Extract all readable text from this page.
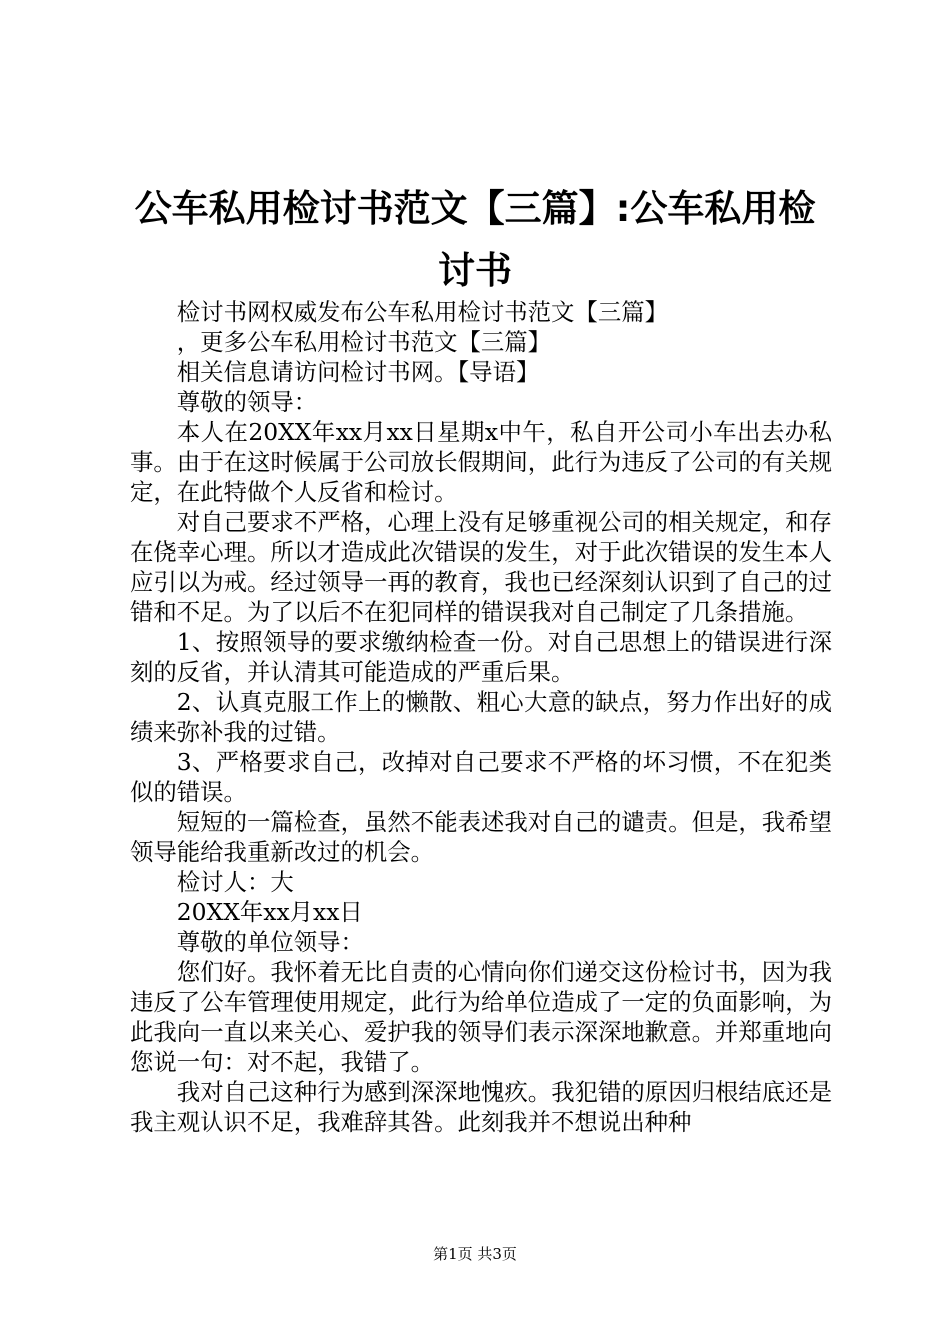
公车私用检讨书范文【三篇】:公车私用检讨书

检讨书网权威发布公车私用检讨书范文【三篇】

，更多公车私用检讨书范文【三篇】

相关信息请访问检讨书网。【导语】

尊敬的领导：

本人在20XX年xx月xx日星期x中午，私自开公司小车出去办私事。由于在这时候属于公司放长假期间，此行为违反了公司的有关规定，在此特做个人反省和检讨。

对自己要求不严格，心理上没有足够重视公司的相关规定，和存在侥幸心理。所以才造成此次错误的发生，对于此次错误的发生本人应引以为戒。经过领导一再的教育，我也已经深刻认识到了自己的过错和不足。为了以后不在犯同样的错误我对自己制定了几条措施。

1、按照领导的要求缴纳检查一份。对自己思想上的错误进行深刻的反省，并认清其可能造成的严重后果。

2、认真克服工作上的懒散、粗心大意的缺点，努力作出好的成绩来弥补我的过错。

3、严格要求自己，改掉对自己要求不严格的坏习惯，不在犯类似的错误。

短短的一篇检查，虽然不能表述我对自己的谴责。但是，我希望领导能给我重新改过的机会。

检讨人：大

20XX年xx月xx日

尊敬的单位领导：

您们好。我怀着无比自责的心情向你们递交这份检讨书，因为我违反了公车管理使用规定，此行为给单位造成了一定的负面影响，为此我向一直以来关心、爱护我的领导们表示深深地歉意。并郑重地向您说一句：对不起，我错了。

我对自己这种行为感到深深地愧疚。我犯错的原因归根结底还是我主观认识不足，我难辞其咎。此刻我并不想说出种种

第1页 共3页
